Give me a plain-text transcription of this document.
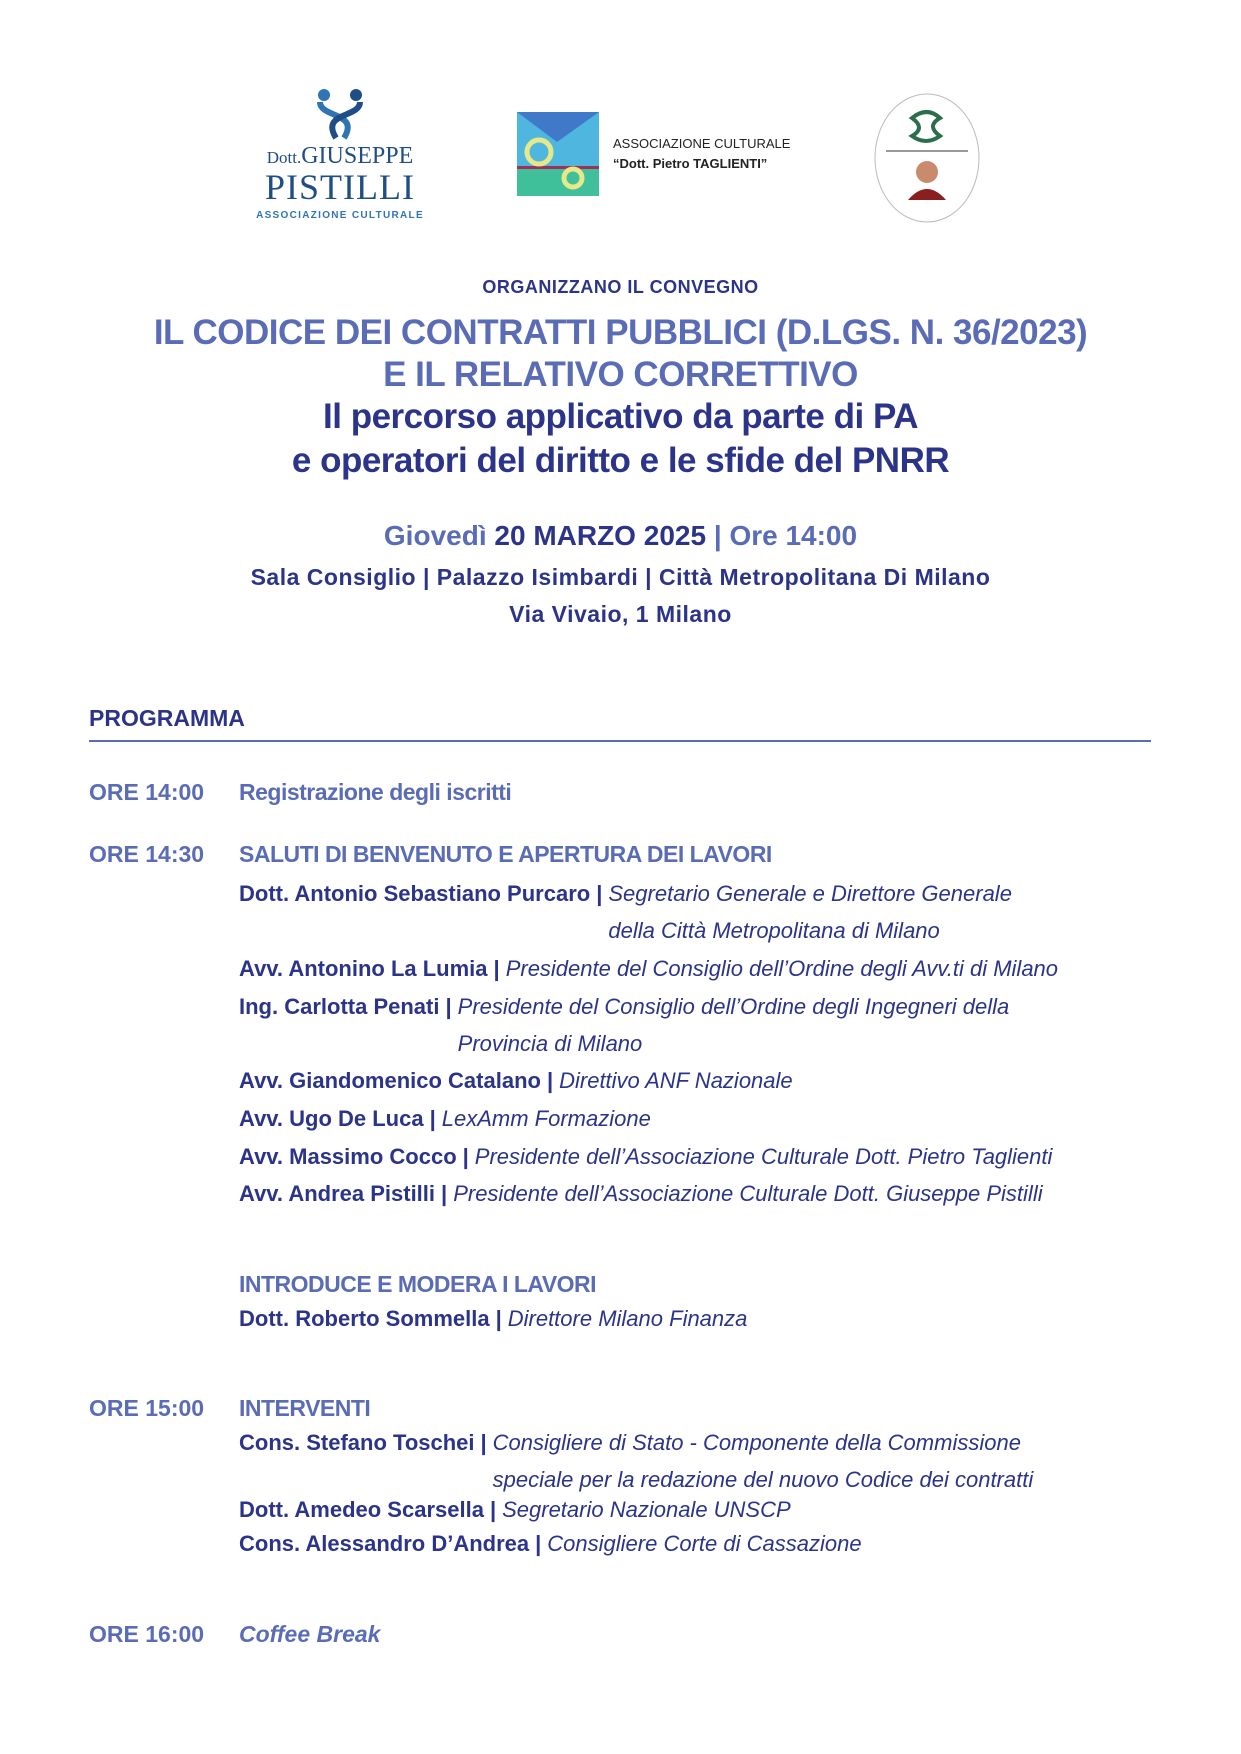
Dott.GIUSEPPE
PISTILLI
ASSOCIAZIONE CULTURALE
ASSOCIAZIONE CULTURALE
“Dott. Pietro TAGLIENTI”
ORGANIZZANO IL CONVEGNO
IL CODICE DEI CONTRATTI PUBBLICI (D.LGS. N. 36/2023)
E IL RELATIVO CORRETTIVO
Il percorso applicativo da parte di PA
e operatori del diritto e le sfide del PNRR
Giovedì 20 MARZO 2025 | Ore 14:00
Sala Consiglio | Palazzo Isimbardi | Città Metropolitana Di Milano
Via Vivaio, 1 Milano
PROGRAMMA
ORE 14:00 Registrazione degli iscritti
ORE 14:30 SALUTI DI BENVENUTO E APERTURA DEI LAVORI
Dott. Antonio Sebastiano Purcaro | Segretario Generale e Direttore Generale
della Città Metropolitana di Milano
Avv. Antonino La Lumia | Presidente del Consiglio dell’Ordine degli Avv.ti di Milano
Ing. Carlotta Penati | Presidente del Consiglio dell’Ordine degli Ingegneri della
Provincia di Milano
Avv. Giandomenico Catalano | Direttivo ANF Nazionale
Avv. Ugo De Luca | LexAmm Formazione
Avv. Massimo Cocco | Presidente dell’Associazione Culturale Dott. Pietro Taglienti
Avv. Andrea Pistilli | Presidente dell’Associazione Culturale Dott. Giuseppe Pistilli
INTRODUCE E MODERA I LAVORI
Dott. Roberto Sommella | Direttore Milano Finanza
ORE 15:00 INTERVENTI
Cons. Stefano Toschei | Consigliere di Stato - Componente della Commissione
speciale per la redazione del nuovo Codice dei contratti
Dott. Amedeo Scarsella | Segretario Nazionale UNSCP
Cons. Alessandro D’Andrea | Consigliere Corte di Cassazione
ORE 16:00 Coffee Break
